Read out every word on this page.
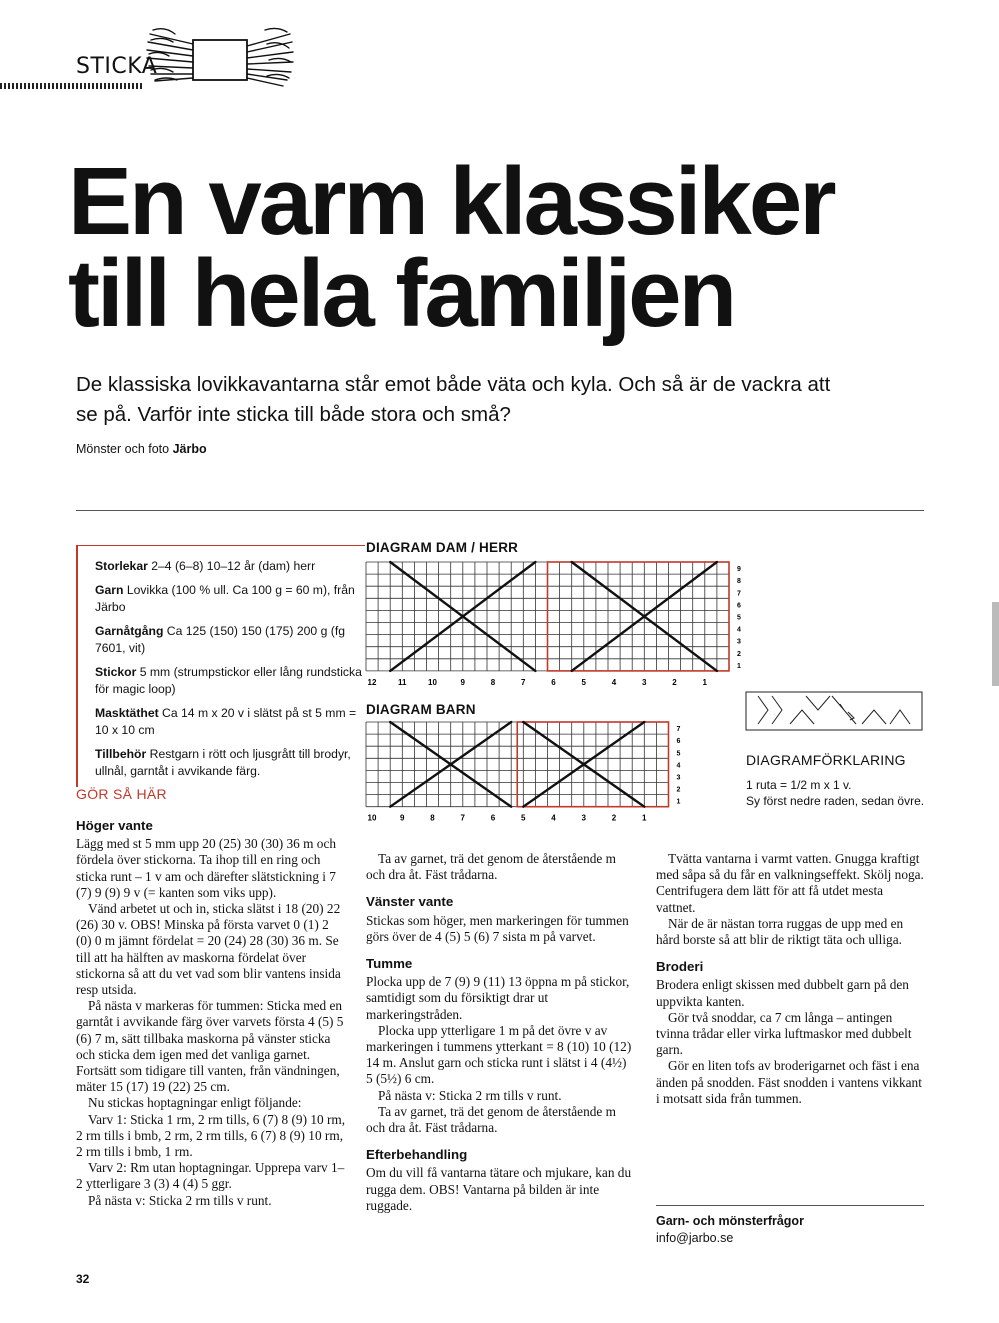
STICKA
En varm klassiker
till hela familjen
De klassiska lovikkavantarna står emot både väta och kyla. Och så är de vackra att se på. Varför inte sticka till både stora och små?
Mönster och foto Järbo

Storlekar 2–4 (6–8) 10–12 år (dam) herr

Garn Lovikka (100 % ull. Ca 100 g = 60 m), från Järbo

Garnåtgång Ca 125 (150) 150 (175) 200 g (fg 7601, vit)

Stickor 5 mm (strumpstickor eller lång rundsticka för magic loop)

Masktäthet Ca 14 m x 20 v i slätst på st 5 mm = 10 x 10 cm

Tillbehör Restgarn i rött och ljusgrått till brodyr, ullnål, garntåt i avvikande färg.

DIAGRAM DAM / HERR
12	11	10	9	8	7	6	5	4	3	2	1
9
8
7
6
5
4
3
2
1
DIAGRAM BARN
10	9	8	7	6	5	4	3	2	1
7
6
5
4
3
2
1
DIAGRAMFÖRKLARING
1 ruta = 1/2 m x 1 v.
Sy först nedre raden, sedan övre.
GÖR SÅ HÄR
Höger vante

Lägg med st 5 mm upp 20 (25) 30 (30) 36 m och fördela över stickorna. Ta ihop till en ring och sticka runt – 1 v am och därefter slätstickning i 7 (7) 9 (9) 9 v (= kanten som viks upp).

Vänd arbetet ut och in, sticka slätst i 18 (20) 22 (26) 30 v. OBS! Minska på första varvet 0 (1) 2 (0) 0 m jämnt fördelat = 20 (24) 28 (30) 36 m. Se till att ha hälften av maskorna fördelat över stickorna så att du vet vad som blir vantens insida resp utsida.

På nästa v markeras för tummen: Sticka med en garntåt i avvikande färg över varvets första 4 (5) 5 (6) 7 m, sätt tillbaka maskorna på vänster sticka och sticka dem igen med det vanliga garnet. Fortsätt som tidigare till vanten, från vändningen, mäter 15 (17) 19 (22) 25 cm.

Nu stickas hoptagningar enligt följande:

Varv 1: Sticka 1 rm, 2 rm tills, 6 (7) 8 (9) 10 rm, 2 rm tills i bmb, 2 rm, 2 rm tills, 6 (7) 8 (9) 10 rm, 2 rm tills i bmb, 1 rm.

Varv 2: Rm utan hoptagningar. Upprepa varv 1–2 ytterligare 3 (3) 4 (4) 5 ggr.

På nästa v: Sticka 2 rm tills v runt.

Ta av garnet, trä det genom de återstående m och dra åt. Fäst trådarna.

Vänster vante

Stickas som höger, men markeringen för tummen görs över de 4 (5) 5 (6) 7 sista m på varvet.

Tumme

Plocka upp de 7 (9) 9 (11) 13 öppna m på stickor, samtidigt som du försiktigt drar ut markeringstråden.

Plocka upp ytterligare 1 m på det övre v av markeringen i tummens ytterkant = 8 (10) 10 (12) 14 m. Anslut garn och sticka runt i slätst i 4 (4½) 5 (5½) 6 cm.

På nästa v: Sticka 2 rm tills v runt.

Ta av garnet, trä det genom de återstående m och dra åt. Fäst trådarna.

Efterbehandling

Om du vill få vantarna tätare och mjukare, kan du rugga dem. OBS! Vantarna på bilden är inte ruggade.

Tvätta vantarna i varmt vatten. Gnugga kraftigt med såpa så du får en valkningseffekt. Skölj noga. Centrifugera dem lätt för att få utdet mesta vattnet.

När de är nästan torra ruggas de upp med en hård borste så att blir de riktigt täta och ulliga.

Broderi

Brodera enligt skissen med dubbelt garn på den uppvikta kanten.

Gör två snoddar, ca 7 cm långa – antingen tvinna trådar eller virka luftmaskor med dubbelt garn.

Gör en liten tofs av broderigarnet och fäst i ena änden på snodden. Fäst snodden i vantens vikkant i motsatt sida från tummen.

Garn- och mönsterfrågor
info@jarbo.se
32
